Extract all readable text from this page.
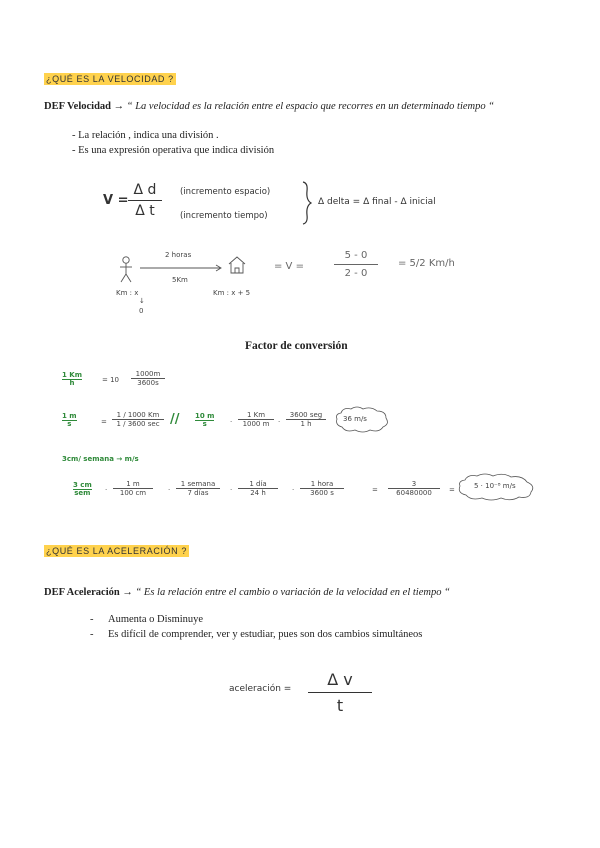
¿QUÉ ES LA VELOCIDAD ?
DEF Velocidad → “ La velocidad es la relación entre el espacio que recorres en un determinado tiempo “
- La relación , indica una división .
- Es una expresión operativa que indica división
$V = \frac{\text{Δ d}}{\text{Δ t}}$ (incremento espacio)
(incremento tiempo)
Δ delta = Δ final - Δ inicial
2 horas
5Km
Km : x
↓
0
Km : x + 5
= V =	$\frac{5 - 0}{2 - 0} = 5/2$ Km/h
Factor de conversión
1 Km
h	= $10 \frac{1000m}{3600s}$
1 m
s	=
1 / 1000 Km
1 / 3600 sec // 10 m
s	·
1 Km
1000 m	·
3600 seg
1 h
36 m/s
3cm/ semana → m/s
3 cm
sem ·
1 m
100 cm	·
1 semana
7 días	·
1 día
24 h	·
1 hora
3600 s	=
3
60480000	=	5 · 10⁻⁸ m/s
¿QUÉ ES LA ACELERACIÓN ?
DEF Aceleración → “ Es la relación entre el cambio o variación de la velocidad en el tiempo “
- Aumenta o Disminuye
- Es difícil de comprender, ver y estudiar, pues son dos cambios simultáneos
aceleración = $\frac{\text{Δ v}}{t}$
